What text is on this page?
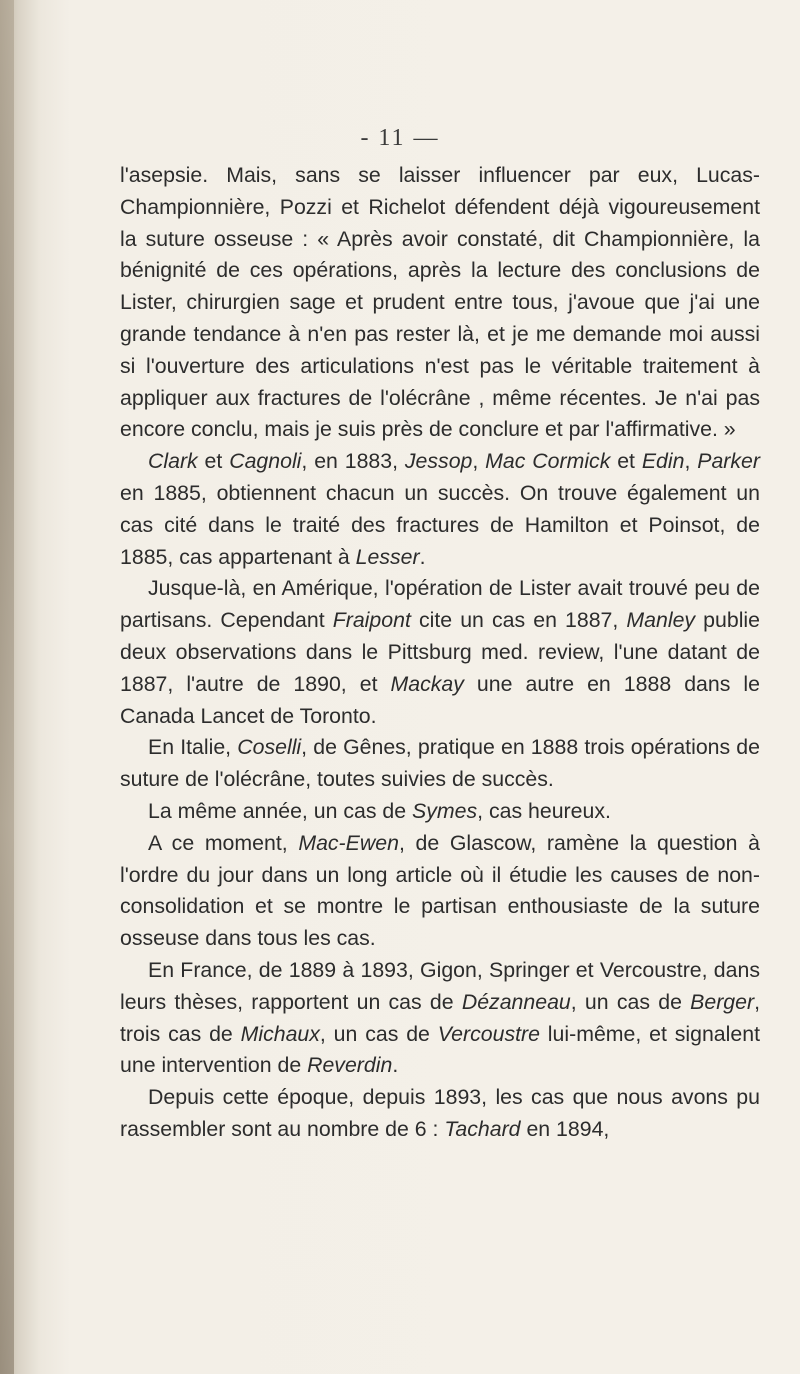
- 11 —

l'asepsie. Mais, sans se laisser influencer par eux, Lucas-Championnière, Pozzi et Richelot défendent déjà vigoureusement la suture osseuse : « Après avoir constaté, dit Championnière, la bénignité de ces opérations, après la lecture des conclusions de Lister, chirurgien sage et prudent entre tous, j'avoue que j'ai une grande tendance à n'en pas rester là, et je me demande moi aussi si l'ouverture des articulations n'est pas le véritable traitement à appliquer aux fractures de l'olécrâne , même récentes. Je n'ai pas encore conclu, mais je suis près de conclure et par l'affirmative. »

Clark et Cagnoli, en 1883, Jessop, Mac Cormick et Edin, Parker en 1885, obtiennent chacun un succès. On trouve également un cas cité dans le traité des fractures de Hamilton et Poinsot, de 1885, cas appartenant à Lesser.

Jusque-là, en Amérique, l'opération de Lister avait trouvé peu de partisans. Cependant Fraipont cite un cas en 1887, Manley publie deux observations dans le Pittsburg med. review, l'une datant de 1887, l'autre de 1890, et Mackay une autre en 1888 dans le Canada Lancet de Toronto.

En Italie, Coselli, de Gênes, pratique en 1888 trois opérations de suture de l'olécrâne, toutes suivies de succès.

La même année, un cas de Symes, cas heureux.

A ce moment, Mac-Ewen, de Glascow, ramène la question à l'ordre du jour dans un long article où il étudie les causes de non-consolidation et se montre le partisan enthousiaste de la suture osseuse dans tous les cas.

En France, de 1889 à 1893, Gigon, Springer et Vercoustre, dans leurs thèses, rapportent un cas de Dézanneau, un cas de Berger, trois cas de Michaux, un cas de Vercoustre lui-même, et signalent une intervention de Reverdin.

Depuis cette époque, depuis 1893, les cas que nous avons pu rassembler sont au nombre de 6 : Tachard en 1894,
